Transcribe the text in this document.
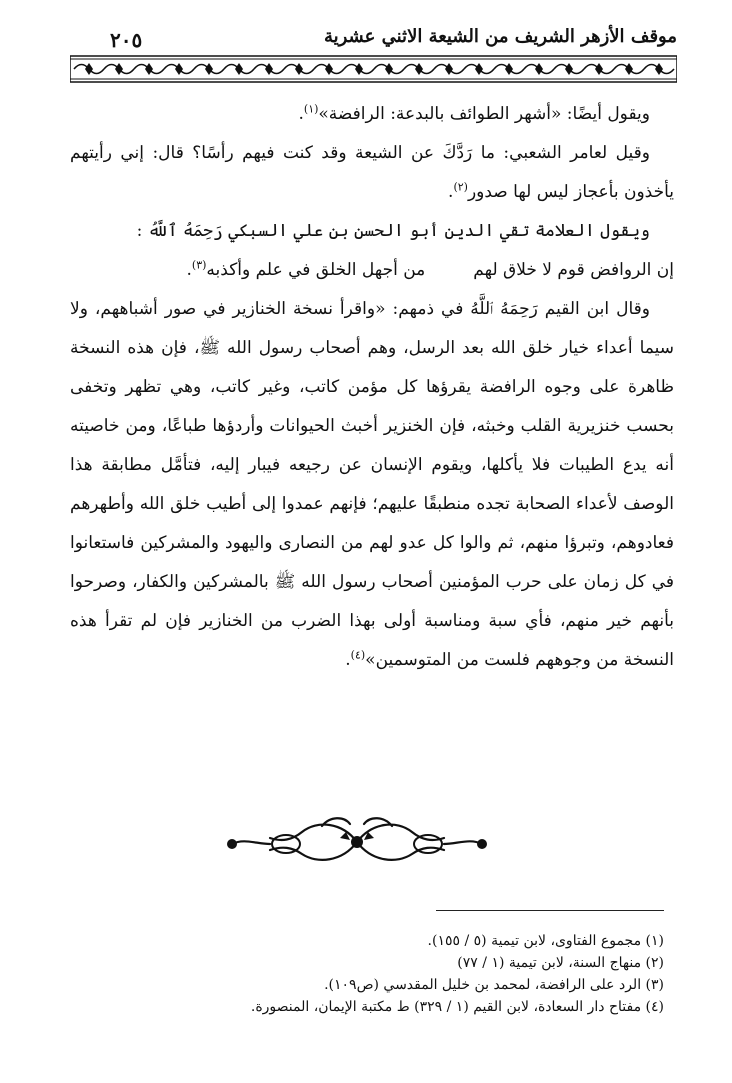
٢٠٥	موقف الأزهر الشريف من الشيعة الاثني عشرية

ويقول أيضًا: «أشهر الطوائف بالبدعة: الرافضة»$^{(١)}$.

وقيل لعامر الشعبي: ما رَدَّكَ عن الشيعة وقد كنت فيهم رأسًا؟ قال: إني رأيتهم يأخذون بأعجاز ليس لها صدور$^{(٢)}$.

ويقول العلامة تقي الدين أبو الحسن بن علي السبكي رَحِمَهُ ٱللَّهُ :

إن الروافض قوم لا خلاق لهم
من أجهل الخلق في علم وأكذبه$^{(٣)}$.

وقال ابن القيم رَحِمَهُ ٱللَّهُ في ذمهم: «واقرأ نسخة الخنازير في صور أشباههم، ولا سيما أعداء خيار خلق الله بعد الرسل، وهم أصحاب رسول الله ﷺ، فإن هذه النسخة ظاهرة على وجوه الرافضة يقرؤها كل مؤمن كاتب، وغير كاتب، وهي تظهر وتخفى بحسب خنزيرية القلب وخبثه، فإن الخنزير أخبث الحيوانات وأردؤها طباعًا، ومن خاصيته أنه يدع الطيبات فلا يأكلها، ويقوم الإنسان عن رجيعه فيبار إليه، فتأمَّل مطابقة هذا الوصف لأعداء الصحابة تجده منطبقًا عليهم؛ فإنهم عمدوا إلى أطيب خلق الله وأطهرهم فعادوهم، وتبرؤا منهم، ثم والوا كل عدو لهم من النصارى واليهود والمشركين فاستعانوا في كل زمان على حرب المؤمنين أصحاب رسول الله ﷺ بالمشركين والكفار، وصرحوا بأنهم خير منهم، فأي سبة ومناسبة أولى بهذا الضرب من الخنازير فإن لم تقرأ هذه النسخة من وجوههم فلست من المتوسمين»$^{(٤)}$.

(١) مجموع الفتاوى، لابن تيمية (٥ / ١٥٥).

(٢) منهاج السنة، لابن تيمية (١ / ٧٧)

(٣) الرد على الرافضة، لمحمد بن خليل المقدسي (ص١٠٩).

(٤) مفتاح دار السعادة، لابن القيم (١ / ٣٢٩) ط مكتبة الإيمان، المنصورة.
